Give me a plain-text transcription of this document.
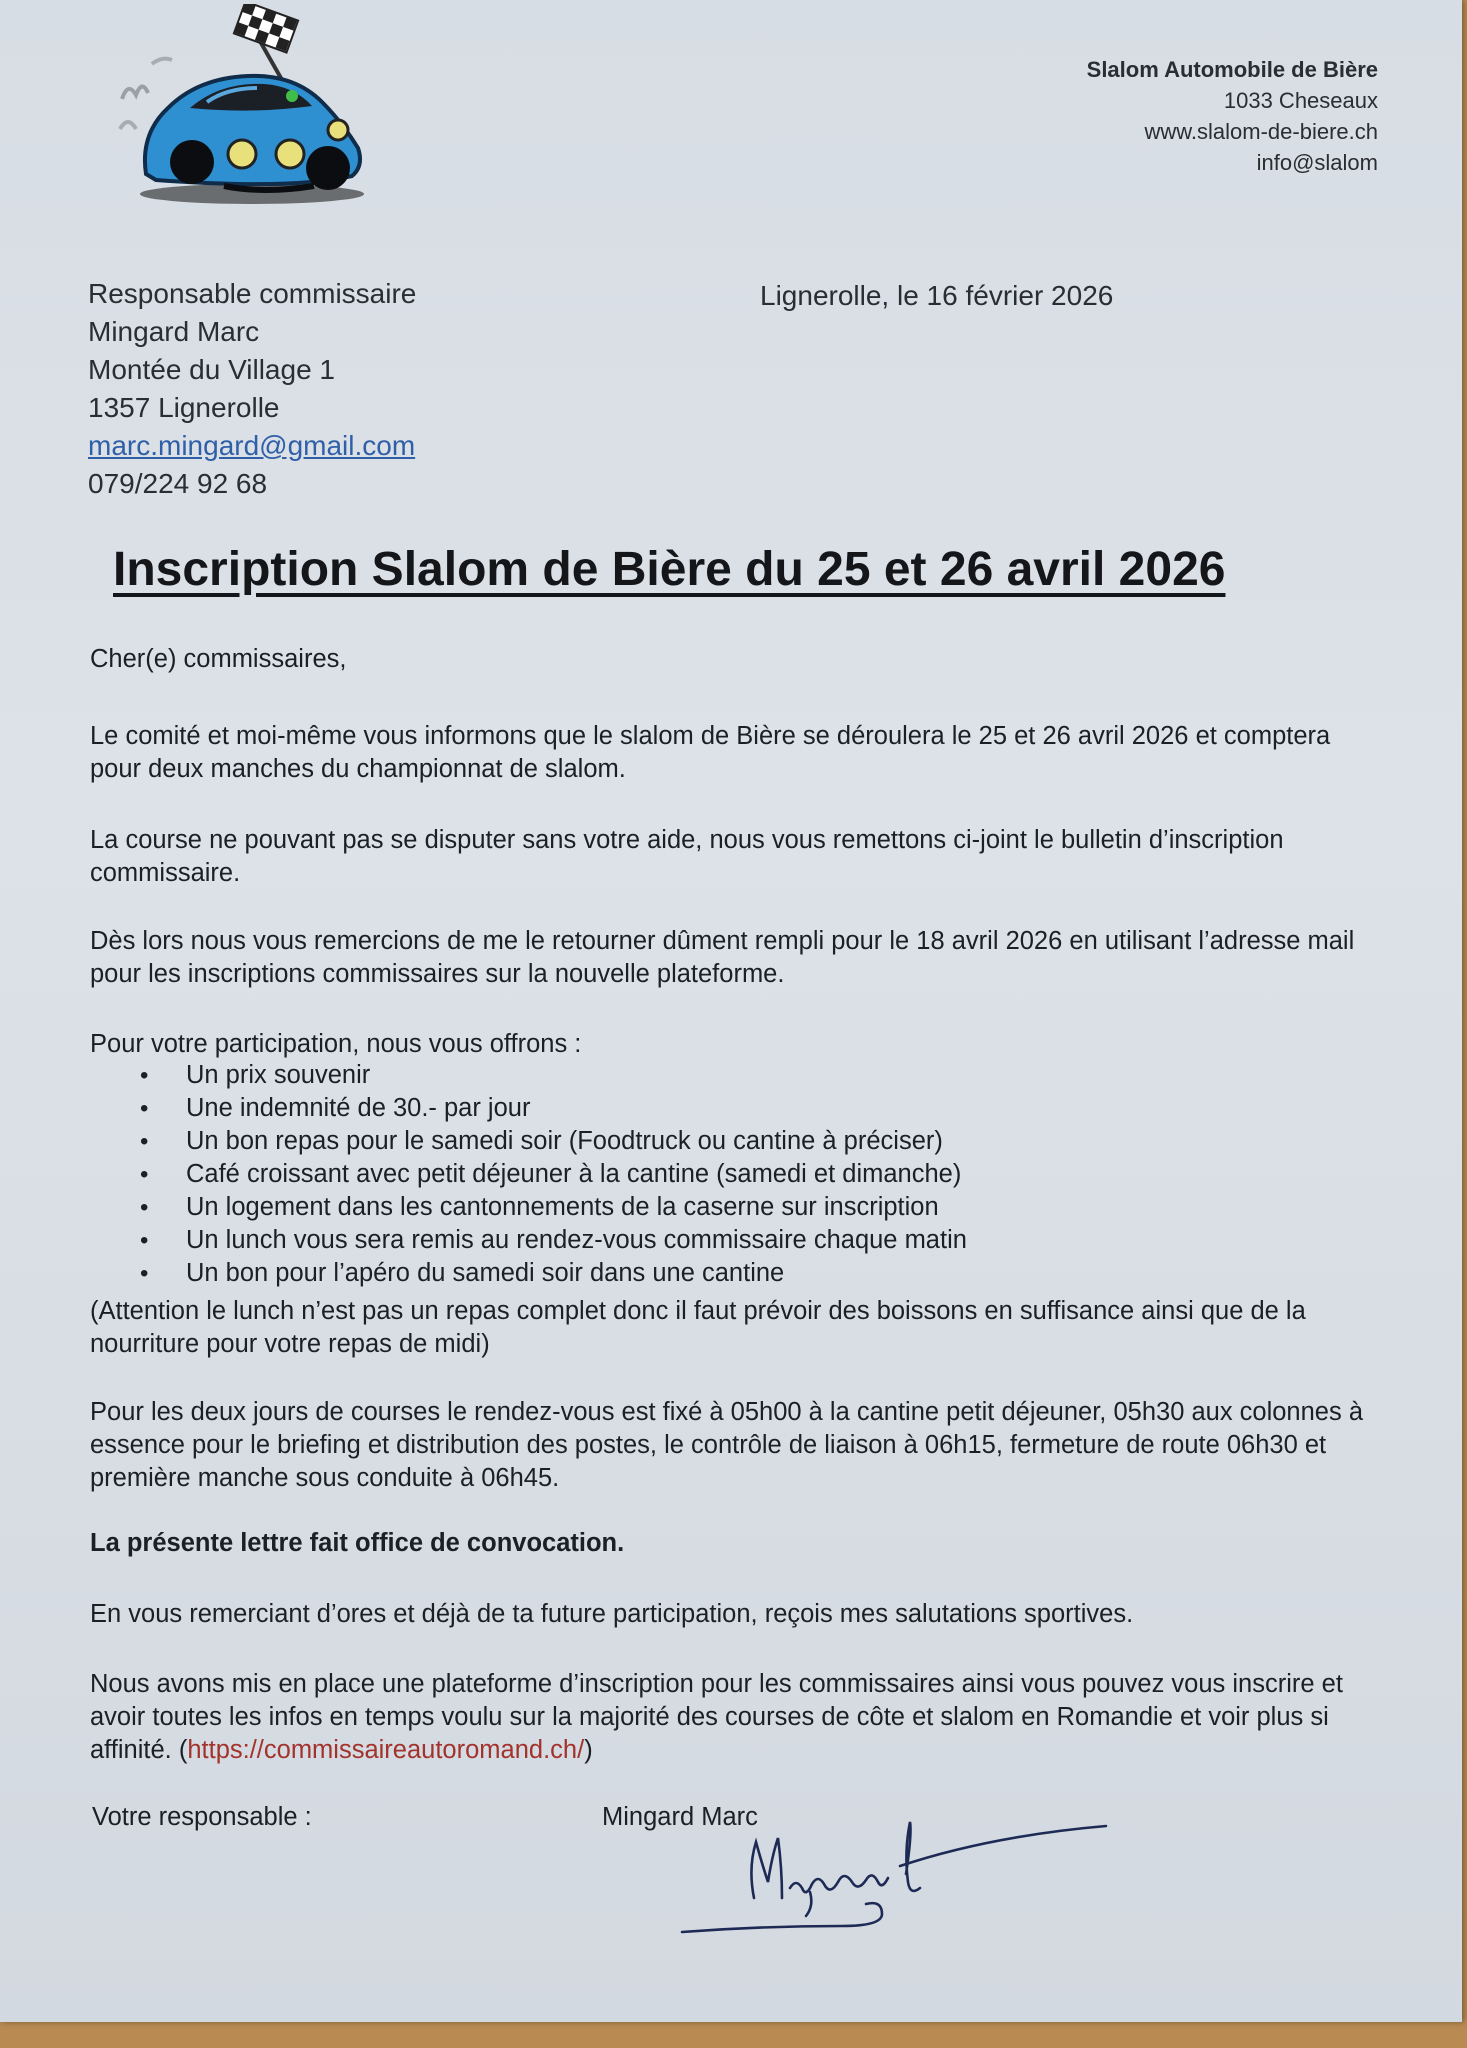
Slalom Automobile de Bière
1033 Cheseaux
www.slalom-de-biere.ch
info@slalom
Responsable commissaire
Mingard Marc
Montée du Village 1
1357 Lignerolle
marc.mingard@gmail.com
079/224 92 68
Lignerolle, le 16 février 2026
Inscription Slalom de Bière du 25 et 26 avril 2026
Cher(e) commissaires,
Le comité et moi-même vous informons que le slalom de Bière se déroulera le 25 et 26 avril 2026 et comptera pour deux manches du championnat de slalom.
La course ne pouvant pas se disputer sans votre aide, nous vous remettons ci-joint le bulletin d’inscription commissaire.
Dès lors nous vous remercions de me le retourner dûment rempli pour le 18 avril 2026 en utilisant l’adresse mail pour les inscriptions commissaires sur la nouvelle plateforme.
Pour votre participation, nous vous offrons :
• Un prix souvenir
• Une indemnité de 30.- par jour
• Un bon repas pour le samedi soir (Foodtruck ou cantine à préciser)
• Café croissant avec petit déjeuner à la cantine (samedi et dimanche)
• Un logement dans les cantonnements de la caserne sur inscription
• Un lunch vous sera remis au rendez-vous commissaire chaque matin
• Un bon pour l’apéro du samedi soir dans une cantine
(Attention le lunch n’est pas un repas complet donc il faut prévoir des boissons en suffisance ainsi que de la nourriture pour votre repas de midi)
Pour les deux jours de courses le rendez-vous est fixé à 05h00 à la cantine petit déjeuner, 05h30 aux colonnes à essence pour le briefing et distribution des postes, le contrôle de liaison à 06h15, fermeture de route 06h30 et première manche sous conduite à 06h45.
La présente lettre fait office de convocation.
En vous remerciant d’ores et déjà de ta future participation, reçois mes salutations sportives.
Nous avons mis en place une plateforme d’inscription pour les commissaires ainsi vous pouvez vous inscrire et avoir toutes les infos en temps voulu sur la majorité des courses de côte et slalom en Romandie et voir plus si affinité. (https://commissaireautoromand.ch/)
Votre responsable :	Mingard Marc
